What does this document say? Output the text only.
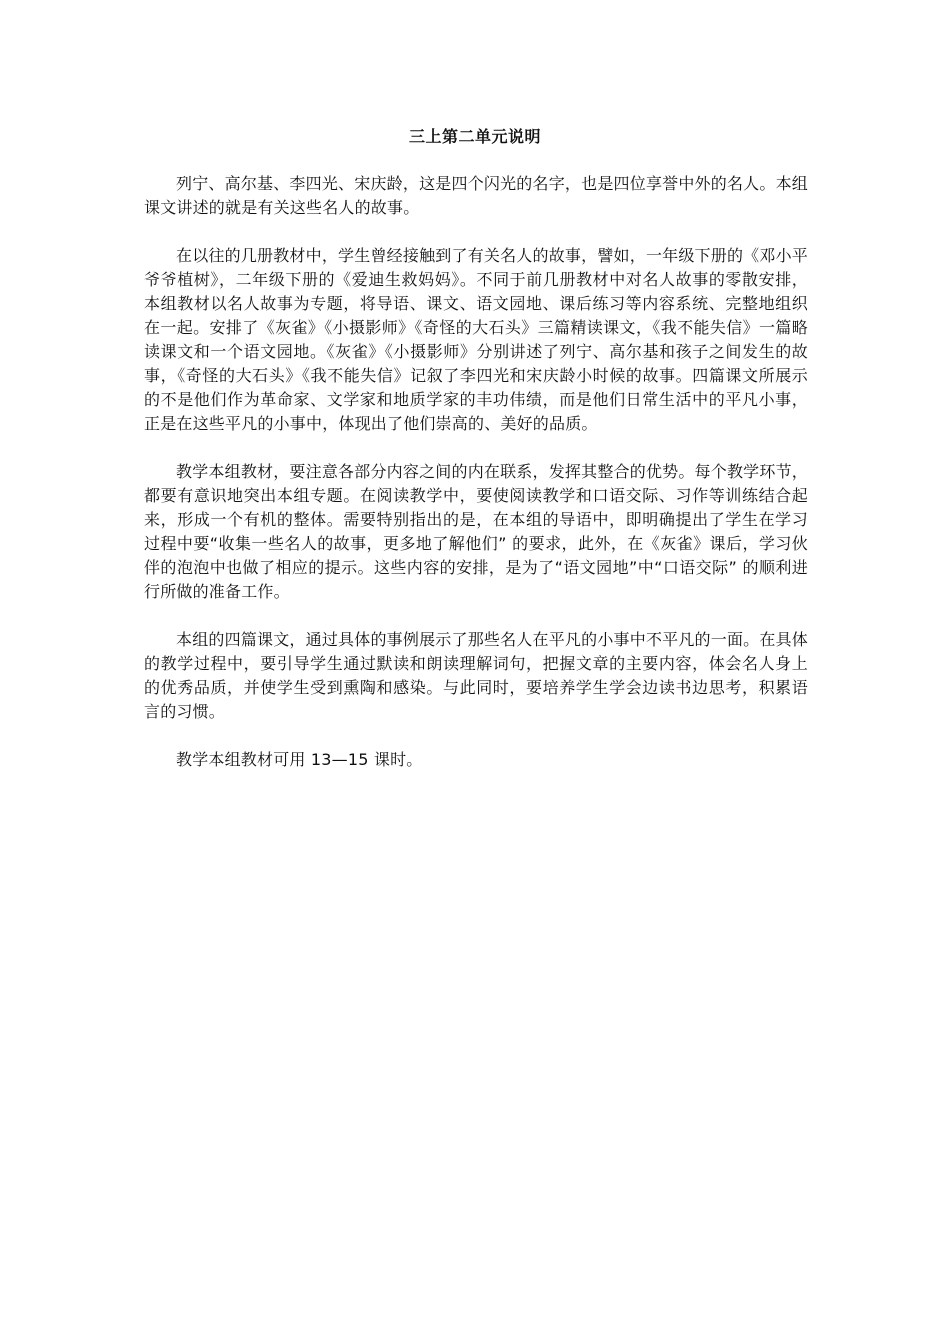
三上第二单元说明

列宁、高尔基、李四光、宋庆龄，这是四个闪光的名字，也是四位享誉中外的名人。本组课文讲述的就是有关这些名人的故事。

在以往的几册教材中，学生曾经接触到了有关名人的故事，譬如，一年级下册的《邓小平爷爷植树》，二年级下册的《爱迪生救妈妈》。不同于前几册教材中对名人故事的零散安排，本组教材以名人故事为专题，将导语、课文、语文园地、课后练习等内容系统、完整地组织在一起。安排了《灰雀》《小摄影师》《奇怪的大石头》三篇精读课文，《我不能失信》一篇略读课文和一个语文园地。《灰雀》《小摄影师》分别讲述了列宁、高尔基和孩子之间发生的故事，《奇怪的大石头》《我不能失信》记叙了李四光和宋庆龄小时候的故事。四篇课文所展示的不是他们作为革命家、文学家和地质学家的丰功伟绩，而是他们日常生活中的平凡小事，正是在这些平凡的小事中，体现出了他们崇高的、美好的品质。

教学本组教材，要注意各部分内容之间的内在联系，发挥其整合的优势。每个教学环节，都要有意识地突出本组专题。在阅读教学中，要使阅读教学和口语交际、习作等训练结合起来，形成一个有机的整体。需要特别指出的是，在本组的导语中，即明确提出了学生在学习过程中要“收集一些名人的故事，更多地了解他们” 的要求，此外，在《灰雀》课后，学习伙伴的泡泡中也做了相应的提示。这些内容的安排，是为了“语文园地”中“口语交际” 的顺利进行所做的准备工作。

本组的四篇课文，通过具体的事例展示了那些名人在平凡的小事中不平凡的一面。在具体的教学过程中，要引导学生通过默读和朗读理解词句，把握文章的主要内容，体会名人身上的优秀品质，并使学生受到熏陶和感染。与此同时，要培养学生学会边读书边思考，积累语言的习惯。

教学本组教材可用 13—15 课时。
